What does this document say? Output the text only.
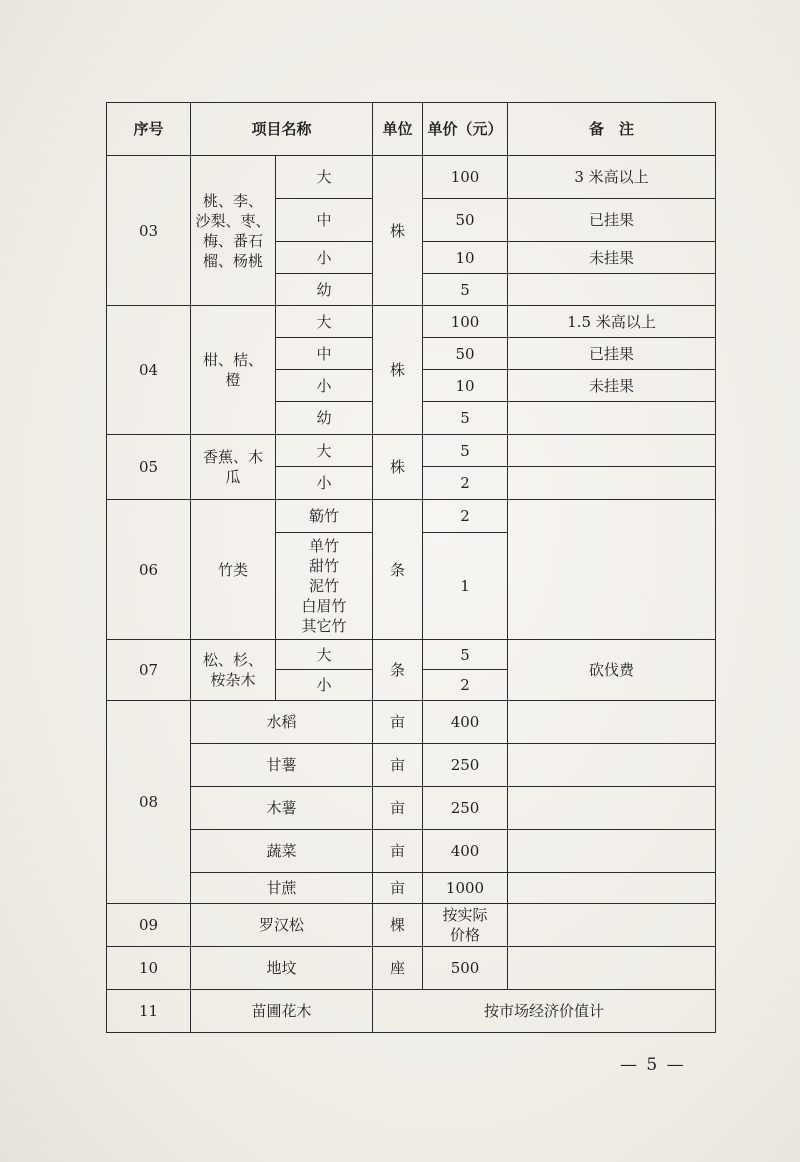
序号	项目名称		单位	单价（元）	备　注
03	桃、李、
沙梨、枣、
梅、番石
榴、杨桃	大	株	100	3 米高以上
		中		50	已挂果
		小		10	未挂果
		幼		5	
04	柑、桔、
橙	大	株	100	1.5 米高以上
		中		50	已挂果
		小		10	未挂果
		幼		5	
05	香蕉、木
瓜	大	株	5	
		小		2	
06	竹类	簕竹	条	2	
		单竹
甜竹
泥竹
白眉竹
其它竹		1	
07	松、杉、
桉杂木	大	条	5	砍伐费
		小		2	
08	水稻		亩	400	
	甘薯		亩	250	
	木薯		亩	250	
	蔬菜		亩	400	
	甘蔗		亩	1000	
09	罗汉松		棵	按实际
价格	
10	地坟		座	500	
11	苗圃花木		按市场经济价值计		
— 5 —
